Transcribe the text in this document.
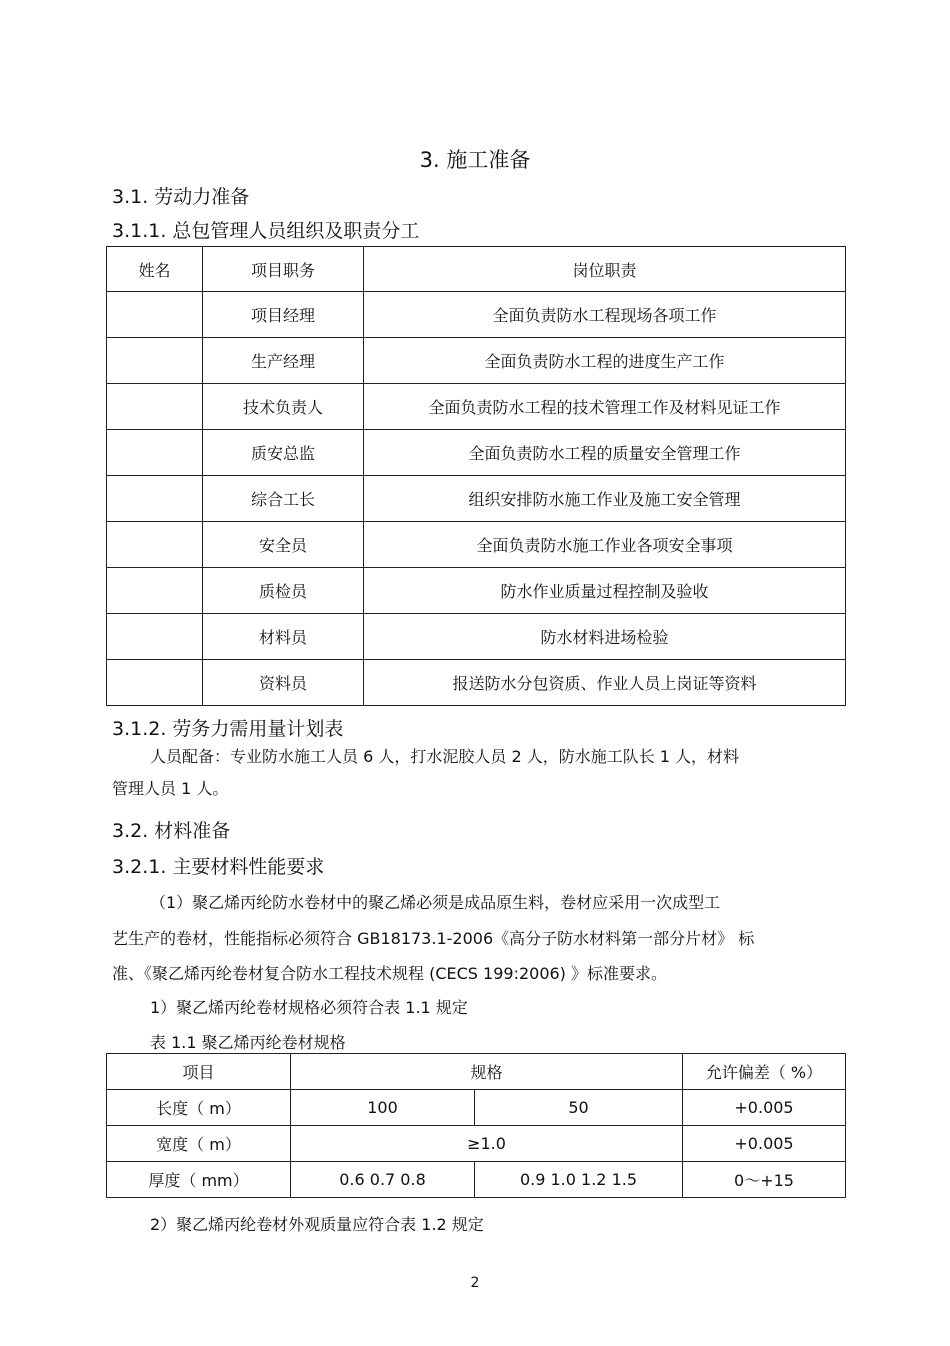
3. 施工准备
3.1. 劳动力准备
3.1.1. 总包管理人员组织及职责分工
姓名	项目职务	岗位职责
	项目经理	全面负责防水工程现场各项工作
	生产经理	全面负责防水工程的进度生产工作
	技术负责人	全面负责防水工程的技术管理工作及材料见证工作
	质安总监	全面负责防水工程的质量安全管理工作
	综合工长	组织安排防水施工作业及施工安全管理
	安全员	全面负责防水施工作业各项安全事项
	质检员	防水作业质量过程控制及验收
	材料员	防水材料进场检验
	资料员	报送防水分包资质、作业人员上岗证等资料
3.1.2. 劳务力需用量计划表
人员配备：专业防水施工人员 6 人，打水泥胶人员 2 人，防水施工队长 1 人，材料
管理人员 1 人。
3.2. 材料准备
3.2.1. 主要材料性能要求
（1）聚乙烯丙纶防水卷材中的聚乙烯必须是成品原生料，卷材应采用一次成型工
艺生产的卷材，性能指标必须符合 GB18173.1-2006《高分子防水材料第一部分片材》 标
准、《聚乙烯丙纶卷材复合防水工程技术规程 (CECS 199:2006) 》标准要求。
1）聚乙烯丙纶卷材规格必须符合表 1.1 规定
表 1.1 聚乙烯丙纶卷材规格
项目	规格		允许偏差（ %）
长度（ m）	100	50	+0.005
宽度（ m）	≥1.0		+0.005
厚度（ mm）	0.6 0.7 0.8	0.9 1.0 1.2 1.5	0～+15
2）聚乙烯丙纶卷材外观质量应符合表 1.2 规定
2
